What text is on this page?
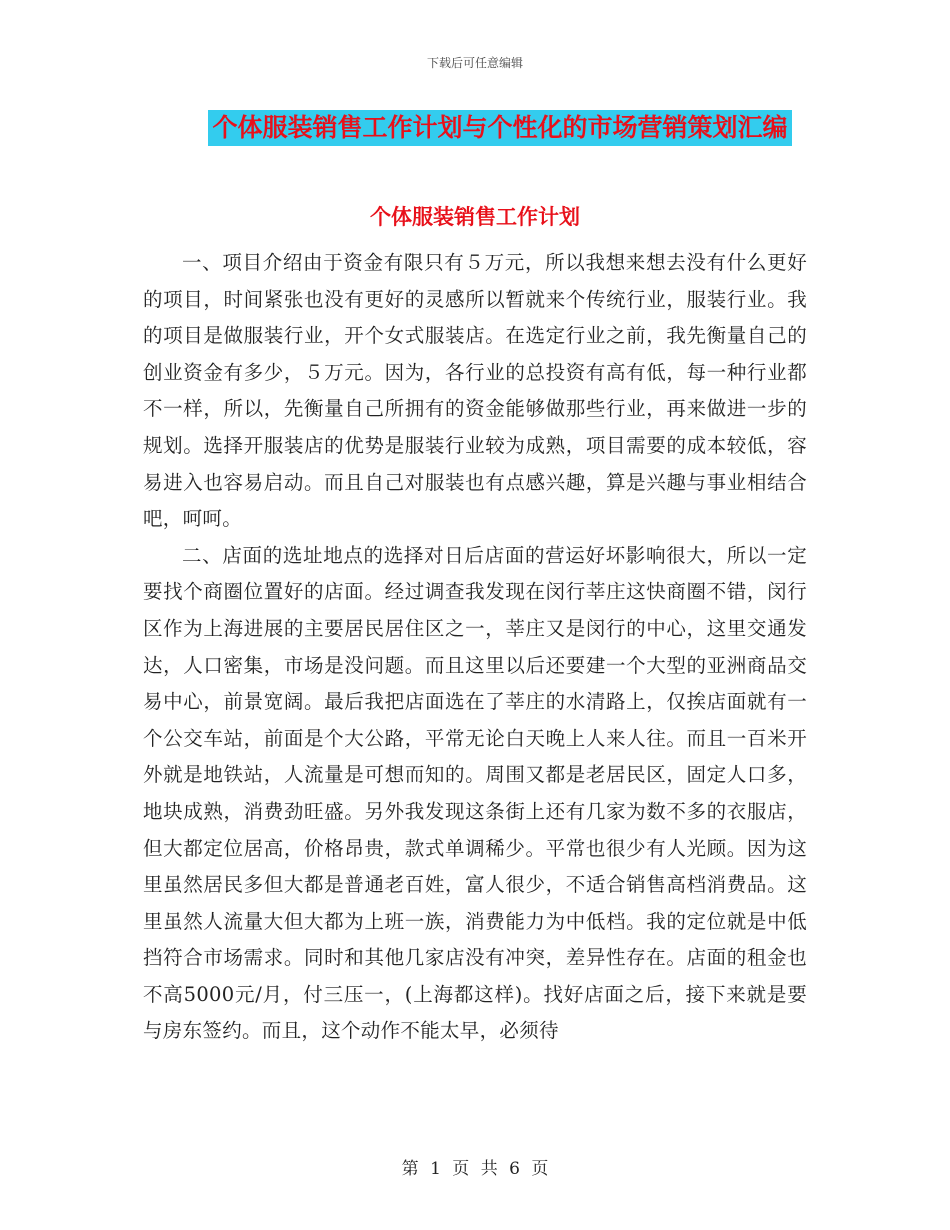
下载后可任意编辑
个体服装销售工作计划与个性化的市场营销策划汇编
个体服装销售工作计划

一、项目介绍由于资金有限只有５万元，所以我想来想去没有什么更好的项目，时间紧张也没有更好的灵感所以暂就来个传统行业，服装行业。我的项目是做服装行业，开个女式服装店。在选定行业之前，我先衡量自己的创业资金有多少，５万元。因为，各行业的总投资有高有低，每一种行业都不一样，所以，先衡量自己所拥有的资金能够做那些行业，再来做进一步的规划。选择开服装店的优势是服装行业较为成熟，项目需要的成本较低，容易进入也容易启动。而且自己对服装也有点感兴趣，算是兴趣与事业相结合吧，呵呵。

二、店面的选址地点的选择对日后店面的营运好坏影响很大，所以一定要找个商圈位置好的店面。经过调查我发现在闵行莘庄这快商圈不错，闵行区作为上海进展的主要居民居住区之一，莘庄又是闵行的中心，这里交通发达，人口密集，市场是没问题。而且这里以后还要建一个大型的亚洲商品交易中心，前景宽阔。最后我把店面选在了莘庄的水清路上，仅挨店面就有一个公交车站，前面是个大公路，平常无论白天晚上人来人往。而且一百米开外就是地铁站，人流量是可想而知的。周围又都是老居民区，固定人口多，地块成熟，消费劲旺盛。另外我发现这条街上还有几家为数不多的衣服店，但大都定位居高，价格昂贵，款式单调稀少。平常也很少有人光顾。因为这里虽然居民多但大都是普通老百姓，富人很少，不适合销售高档消费品。这里虽然人流量大但大都为上班一族，消费能力为中低档。我的定位就是中低挡符合市场需求。同时和其他几家店没有冲突，差异性存在。店面的租金也不高5000元/月，付三压一，(上海都这样)。找好店面之后，接下来就是要与房东签约。而且，这个动作不能太早，必须待

第 1 页 共 6 页
